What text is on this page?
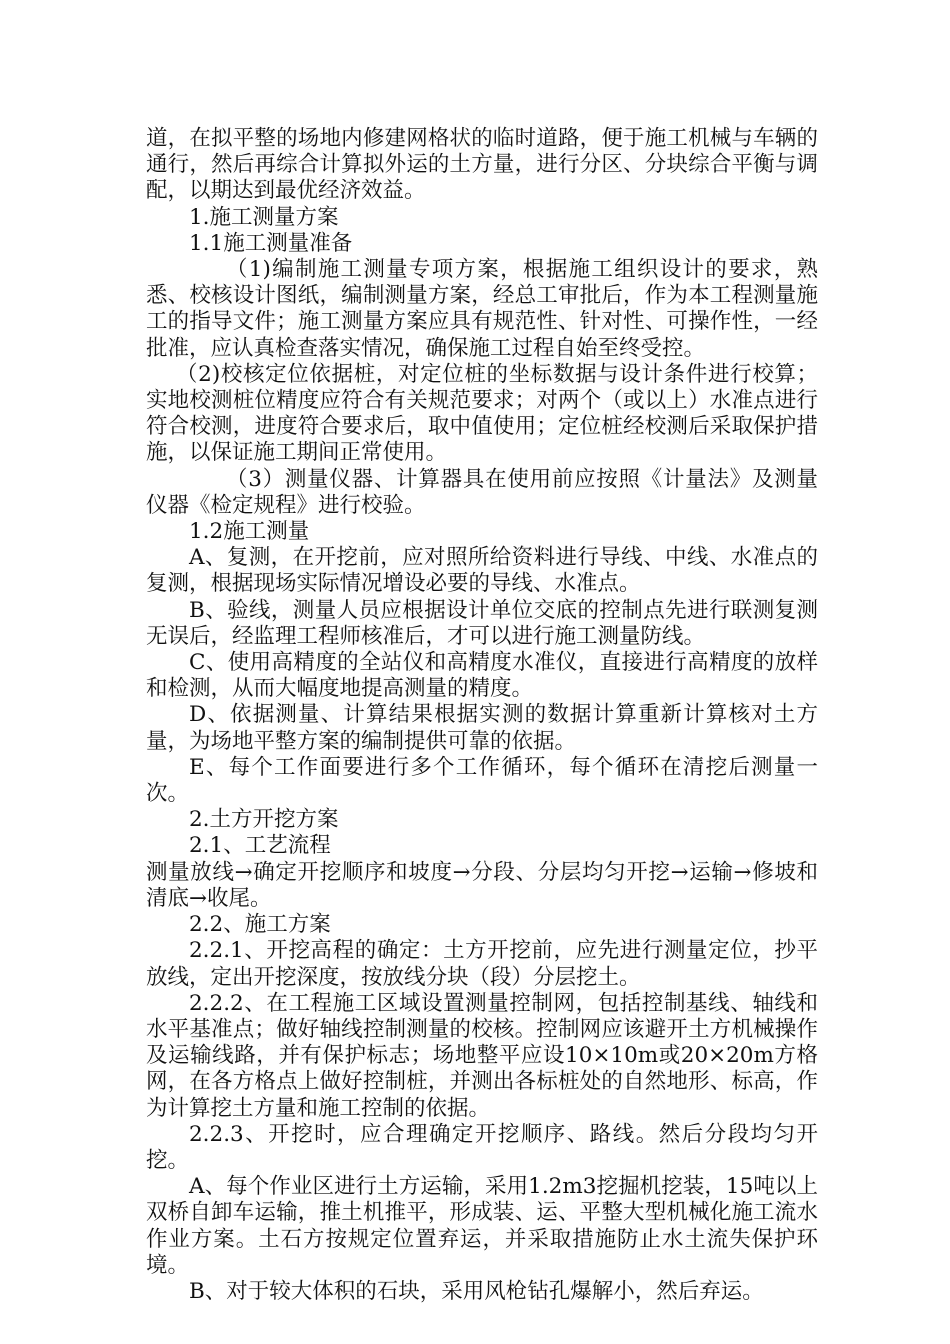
道，在拟平整的场地内修建网格状的临时道路，便于施工机械与车辆的通行，然后再综合计算拟外运的土方量，进行分区、分块综合平衡与调配，以期达到最优经济效益。

1.施工测量方案

1.1施工测量准备

（1)编制施工测量专项方案，根据施工组织设计的要求，熟悉、校核设计图纸，编制测量方案，经总工审批后，作为本工程测量施工的指导文件；施工测量方案应具有规范性、针对性、可操作性，一经批准，应认真检查落实情况，确保施工过程自始至终受控。

（2)校核定位依据桩，对定位桩的坐标数据与设计条件进行校算；实地校测桩位精度应符合有关规范要求；对两个（或以上）水准点进行符合校测，进度符合要求后，取中值使用；定位桩经校测后采取保护措施，以保证施工期间正常使用。

（3）测量仪器、计算器具在使用前应按照《计量法》及测量仪器《检定规程》进行校验。

1.2施工测量

A、复测，在开挖前，应对照所给资料进行导线、中线、水准点的复测，根据现场实际情况增设必要的导线、水准点。

B、验线，测量人员应根据设计单位交底的控制点先进行联测复测无误后，经监理工程师核准后，才可以进行施工测量防线。

C、使用高精度的全站仪和高精度水准仪，直接进行高精度的放样和检测，从而大幅度地提高测量的精度。

D、依据测量、计算结果根据实测的数据计算重新计算核对土方量，为场地平整方案的编制提供可靠的依据。

E、每个工作面要进行多个工作循环，每个循环在清挖后测量一次。

2.土方开挖方案

2.1、工艺流程

测量放线→确定开挖顺序和坡度→分段、分层均匀开挖→运输→修坡和清底→收尾。

2.2、施工方案

2.2.1、开挖高程的确定：土方开挖前，应先进行测量定位，抄平放线，定出开挖深度，按放线分块（段）分层挖土。

2.2.2、在工程施工区域设置测量控制网，包括控制基线、轴线和水平基准点；做好轴线控制测量的校核。控制网应该避开土方机械操作及运输线路，并有保护标志；场地整平应设10×10m或20×20m方格网，在各方格点上做好控制桩，并测出各标桩处的自然地形、标高，作为计算挖土方量和施工控制的依据。

2.2.3、开挖时，应合理确定开挖顺序、路线。然后分段均匀开挖。

A、每个作业区进行土方运输，采用1.2m3挖掘机挖装，15吨以上双桥自卸车运输，推土机推平，形成装、运、平整大型机械化施工流水作业方案。土石方按规定位置弃运，并采取措施防止水土流失保护环境。

B、对于较大体积的石块，采用风枪钻孔爆解小，然后弃运。
